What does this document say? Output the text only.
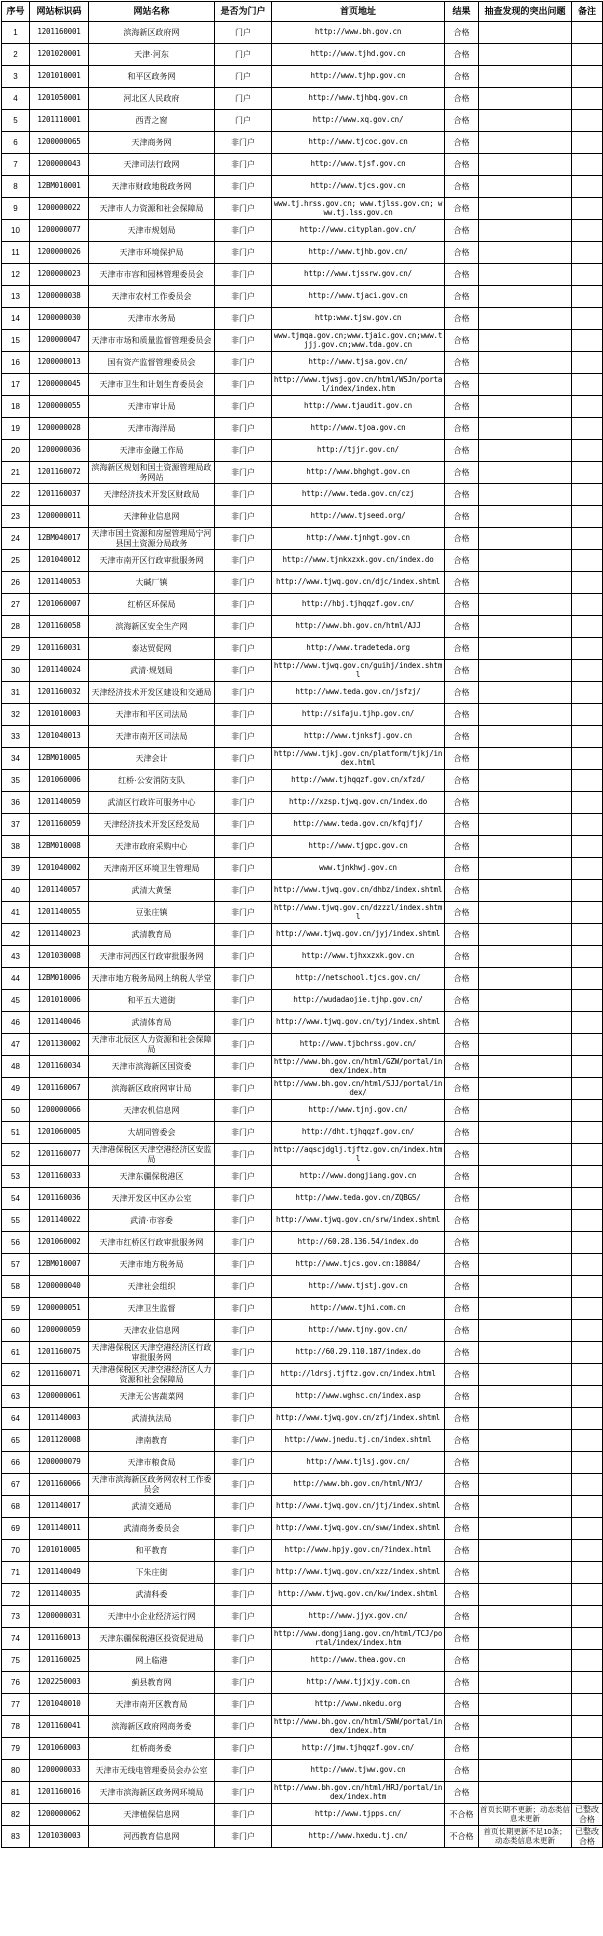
序号	网站标识码	网站名称	是否为门户	首页地址	结果	抽查发现的突出问题	备注
1	1201160001	滨海新区政府网	门户	http://www.bh.gov.cn	合格		
2	1201020001	天津·河东	门户	http://www.tjhd.gov.cn	合格		
3	1201010001	和平区政务网	门户	http://www.tjhp.gov.cn	合格		
4	1201050001	河北区人民政府	门户	http://www.tjhbq.gov.cn	合格		
5	1201110001	西青之窗	门户	http://www.xq.gov.cn/	合格		
6	1200000065	天津商务网	非门户	http://www.tjcoc.gov.cn	合格		
7	1200000043	天津司法行政网	非门户	http://www.tjsf.gov.cn	合格		
8	12BM010001	天津市财政地税政务网	非门户	http://www.tjcs.gov.cn	合格		
9	1200000022	天津市人力资源和社会保障局	非门户	www.tj.hrss.gov.cn; www.tjlss.gov.cn; www.tj.lss.gov.cn	合格		
10	1200000077	天津市规划局	非门户	http://www.cityplan.gov.cn/	合格		
11	1200000026	天津市环境保护局	非门户	http://www.tjhb.gov.cn/	合格		
12	1200000023	天津市市容和园林管理委员会	非门户	http://www.tjssrw.gov.cn/	合格		
13	1200000038	天津市农村工作委员会	非门户	http://www.tjaci.gov.cn	合格		
14	1200000030	天津市水务局	非门户	http:www.tjsw.gov.cn	合格		
15	1200000047	天津市市场和质量监督管理委员会	非门户	www.tjmqa.gov.cn;www.tjaic.gov.cn;www.tjjj.gov.cn;www.tda.gov.cn	合格		
16	1200000013	国有资产监督管理委员会	非门户	http://www.tjsa.gov.cn/	合格		
17	1200000045	天津市卫生和计划生育委员会	非门户	http://www.tjwsj.gov.cn/html/WSJn/portal/index/index.htm	合格		
18	1200000055	天津市审计局	非门户	http://www.tjaudit.gov.cn	合格		
19	1200000028	天津市海洋局	非门户	http://www.tjoa.gov.cn	合格		
20	1200000036	天津市金融工作局	非门户	http://tjjr.gov.cn/	合格		
21	1201160072	滨海新区规划和国土资源管理局政务网站	非门户	http://www.bhghgt.gov.cn	合格		
22	1201160037	天津经济技术开发区财政局	非门户	http://www.teda.gov.cn/czj	合格		
23	1200000011	天津种业信息网	非门户	http://www.tjseed.org/	合格		
24	12BM040017	天津市国土资源和房屋管理局宁河县国土资源分局政务	非门户	http://www.tjnhgt.gov.cn	合格		
25	1201040012	天津市南开区行政审批服务网	非门户	http://www.tjnkxzxk.gov.cn/index.do	合格		
26	1201140053	大碱厂镇	非门户	http://www.tjwq.gov.cn/djc/index.shtml	合格		
27	1201060007	红桥区环保局	非门户	http://hbj.tjhqqzf.gov.cn/	合格		
28	1201160058	滨海新区安全生产网	非门户	http://www.bh.gov.cn/html/AJJ	合格		
29	1201160031	泰达贸促网	非门户	http://www.tradeteda.org	合格		
30	1201140024	武清·规划局	非门户	http://www.tjwq.gov.cn/guihj/index.shtml	合格		
31	1201160032	天津经济技术开发区建设和交通局	非门户	http://www.teda.gov.cn/jsfzj/	合格		
32	1201010003	天津市和平区司法局	非门户	http://sifaju.tjhp.gov.cn/	合格		
33	1201040013	天津市南开区司法局	非门户	http://www.tjnksfj.gov.cn	合格		
34	12BM010005	天津会计	非门户	http://www.tjkj.gov.cn/platform/tjkj/index.html	合格		
35	1201060006	红桥·公安消防支队	非门户	http://www.tjhqqzf.gov.cn/xfzd/	合格		
36	1201140059	武清区行政许可服务中心	非门户	http://xzsp.tjwq.gov.cn/index.do	合格		
37	1201160059	天津经济技术开发区经发局	非门户	http://www.teda.gov.cn/kfqjfj/	合格		
38	12BM010008	天津市政府采购中心	非门户	http://www.tjgpc.gov.cn	合格		
39	1201040002	天津南开区环境卫生管理局	非门户	www.tjnkhwj.gov.cn	合格		
40	1201140057	武清大黄堡	非门户	http://www.tjwq.gov.cn/dhbz/index.shtml	合格		
41	1201140055	豆张庄镇	非门户	http://www.tjwq.gov.cn/dzzzl/index.shtml	合格		
42	1201140023	武清教育局	非门户	http://www.tjwq.gov.cn/jyj/index.shtml	合格		
43	1201030008	天津市河西区行政审批服务网	非门户	http://www.tjhxxzxk.gov.cn	合格		
44	12BM010006	天津市地方税务局网上纳税人学堂	非门户	http://netschool.tjcs.gov.cn/	合格		
45	1201010006	和平五大道街	非门户	http://wudadaojie.tjhp.gov.cn/	合格		
46	1201140046	武清体育局	非门户	http://www.tjwq.gov.cn/tyj/index.shtml	合格		
47	1201130002	天津市北辰区人力资源和社会保障局	非门户	http://www.tjbchrss.gov.cn/	合格		
48	1201160034	天津市滨海新区国资委	非门户	http://www.bh.gov.cn/html/GZW/portal/index/index.htm	合格		
49	1201160067	滨海新区政府网审计局	非门户	http://www.bh.gov.cn/html/SJJ/portal/index/	合格		
50	1200000066	天津农机信息网	非门户	http://www.tjnj.gov.cn/	合格		
51	1201060005	大胡同管委会	非门户	http://dht.tjhqqzf.gov.cn/	合格		
52	1201160077	天津港保税区天津空港经济区安监局	非门户	http://aqscjdglj.tjftz.gov.cn/index.html	合格		
53	1201160033	天津东疆保税港区	非门户	http://www.dongjiang.gov.cn	合格		
54	1201160036	天津开发区中区办公室	非门户	http://www.teda.gov.cn/ZQBGS/	合格		
55	1201140022	武清·市容委	非门户	http://www.tjwq.gov.cn/srw/index.shtml	合格		
56	1201060002	天津市红桥区行政审批服务网	非门户	http://60.28.136.54/index.do	合格		
57	12BM010007	天津市地方税务局	非门户	http://www.tjcs.gov.cn:18084/	合格		
58	1200000040	天津社会组织	非门户	http://www.tjstj.gov.cn	合格		
59	1200000051	天津卫生监督	非门户	http://www.tjhi.com.cn	合格		
60	1200000059	天津农业信息网	非门户	http://www.tjny.gov.cn/	合格		
61	1201160075	天津港保税区天津空港经济区行政审批服务网	非门户	http://60.29.110.187/index.do	合格		
62	1201160071	天津港保税区天津空港经济区人力资源和社会保障局	非门户	http://ldrsj.tjftz.gov.cn/index.html	合格		
63	1200000061	天津无公害蔬菜网	非门户	http://www.wghsc.cn/index.asp	合格		
64	1201140003	武清执法局	非门户	http://www.tjwq.gov.cn/zfj/index.shtml	合格		
65	1201120008	津南教育	非门户	http://www.jnedu.tj.cn/index.shtml	合格		
66	1200000079	天津市粮食局	非门户	http://www.tjlsj.gov.cn/	合格		
67	1201160066	天津市滨海新区政务网农村工作委员会	非门户	http://www.bh.gov.cn/html/NYJ/	合格		
68	1201140017	武清交通局	非门户	http://www.tjwq.gov.cn/jtj/index.shtml	合格		
69	1201140011	武清商务委员会	非门户	http://www.tjwq.gov.cn/sww/index.shtml	合格		
70	1201010005	和平教育	非门户	http://www.hpjy.gov.cn/?index.html	合格		
71	1201140049	下朱庄街	非门户	http://www.tjwq.gov.cn/xzz/index.shtml	合格		
72	1201140035	武清科委	非门户	http://www.tjwq.gov.cn/kw/index.shtml	合格		
73	1200000031	天津中小企业经济运行网	非门户	http://www.jjyx.gov.cn/	合格		
74	1201160013	天津东疆保税港区投资促进局	非门户	http://www.dongjiang.gov.cn/html/TCJ/portal/index/index.htm	合格		
75	1201160025	网上临港	非门户	http://www.thea.gov.cn	合格		
76	1202250003	蓟县教育网	非门户	http://www.tjjxjy.com.cn	合格		
77	1201040010	天津市南开区教育局	非门户	http://www.nkedu.org	合格		
78	1201160041	滨海新区政府网商务委	非门户	http://www.bh.gov.cn/html/SWW/portal/index/index.htm	合格		
79	1201060003	红桥商务委	非门户	http://jmw.tjhqqzf.gov.cn/	合格		
80	1200000033	天津市无线电管理委员会办公室	非门户	http://www.tjww.gov.cn	合格		
81	1201160016	天津市滨海新区政务网环境局	非门户	http://www.bh.gov.cn/html/HRJ/portal/index/index.htm	合格		
82	1200000062	天津植保信息网	非门户	http://www.tjpps.cn/	不合格	首页长期不更新；动态类信息未更新	已整改合格
83	1201030003	河西教育信息网	非门户	http://www.hxedu.tj.cn/	不合格	首页长期更新不足10条；动态类信息未更新	已整改合格
